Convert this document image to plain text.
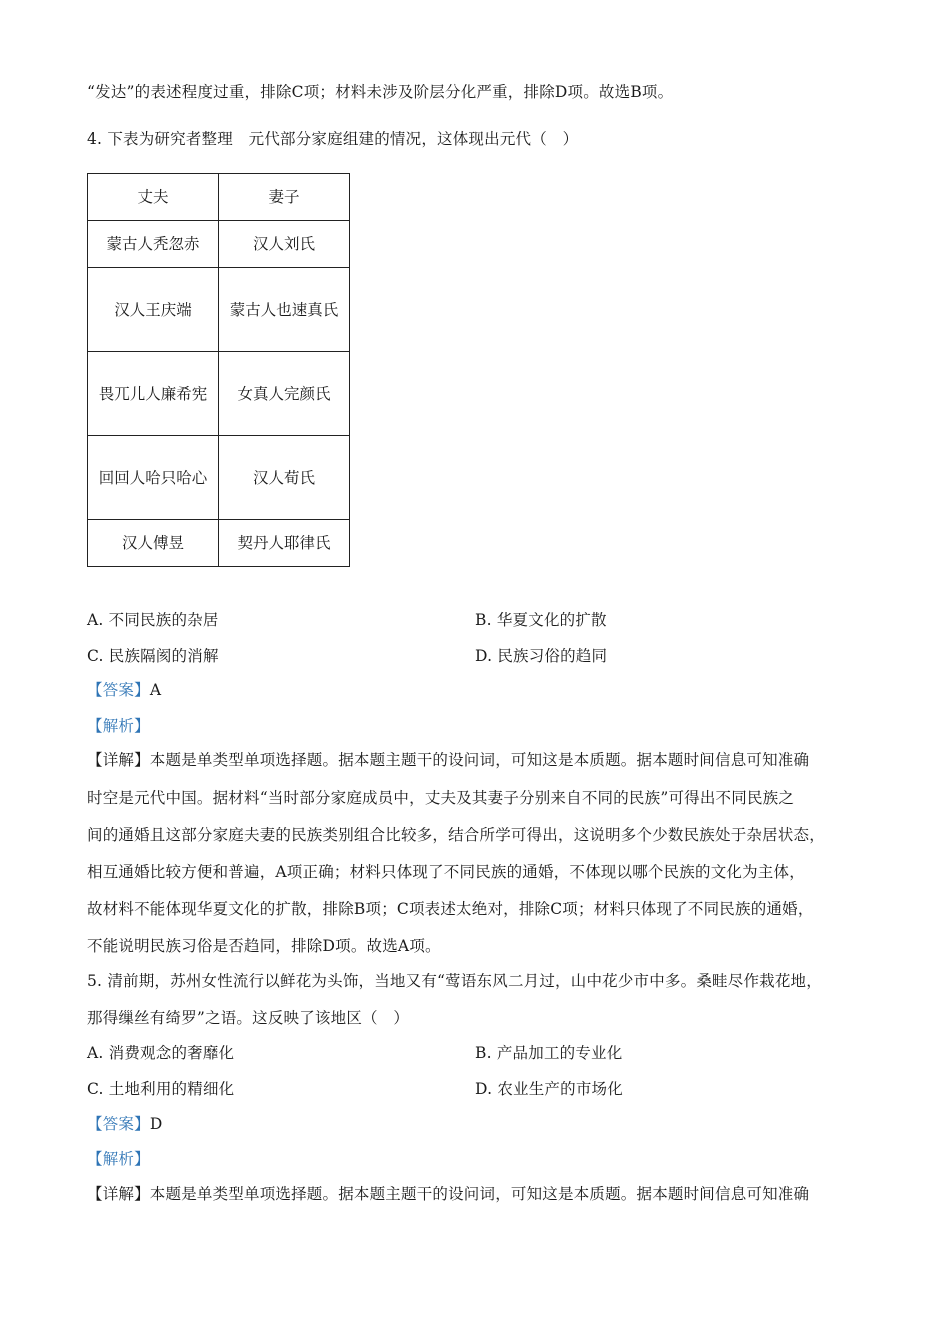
“发达”的表述程度过重，排除C项；材料未涉及阶层分化严重，排除D项。故选B项。
4. 下表为研究者整理　元代部分家庭组建的情况，这体现出元代（　）
丈夫	妻子
蒙古人秃忽赤	汉人刘氏
汉人王庆端	蒙古人也速真氏
畏兀儿人廉希宪	女真人完颜氏
回回人哈只哈心	汉人荀氏
汉人傅昱	契丹人耶律氏
A. 不同民族的杂居	B. 华夏文化的扩散
C. 民族隔阂的消解	D. 民族习俗的趋同
【答案】A
【解析】
【详解】本题是单类型单项选择题。据本题主题干的设问词，可知这是本质题。据本题时间信息可知准确
时空是元代中国。据材料“当时部分家庭成员中，丈夫及其妻子分别来自不同的民族”可得出不同民族之
间的通婚且这部分家庭夫妻的民族类别组合比较多，结合所学可得出，这说明多个少数民族处于杂居状态，
相互通婚比较方便和普遍，A项正确；材料只体现了不同民族的通婚，不体现以哪个民族的文化为主体，
故材料不能体现华夏文化的扩散，排除B项；C项表述太绝对，排除C项；材料只体现了不同民族的通婚，
不能说明民族习俗是否趋同，排除D项。故选A项。
5. 清前期，苏州女性流行以鲜花为头饰，当地又有“莺语东风二月过，山中花少市中多。桑畦尽作栽花地，
那得缫丝有绮罗”之语。这反映了该地区（　）
A. 消费观念的奢靡化	B. 产品加工的专业化
C. 土地利用的精细化	D. 农业生产的市场化
【答案】D
【解析】
【详解】本题是单类型单项选择题。据本题主题干的设问词，可知这是本质题。据本题时间信息可知准确
